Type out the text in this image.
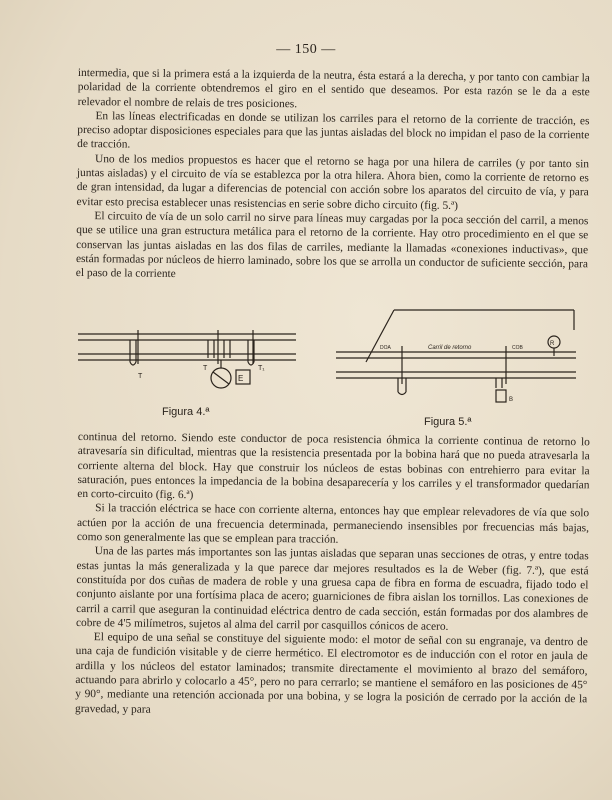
— 150 —

intermedia, que si la primera está a la izquierda de la neutra, ésta estará a la derecha, y por tanto con cambiar la polaridad de la corriente obtendremos el giro en el sentido que deseamos. Por esta razón se le da a este relevador el nombre de relais de tres posiciones.

En las líneas electrificadas en donde se utilizan los carriles para el retorno de la corriente de tracción, es preciso adoptar disposiciones especiales para que las juntas aisladas del block no impidan el paso de la corriente de tracción.

Uno de los medios propuestos es hacer que el retorno se haga por una hilera de carriles (y por tanto sin juntas aisladas) y el circuito de vía se establezca por la otra hilera. Ahora bien, como la corriente de retorno es de gran intensidad, da lugar a diferencias de potencial con acción sobre los aparatos del circuito de vía, y para evitar esto precisa establecer unas resistencias en serie sobre dicho circuito (fig. 5.ª)

El circuito de vía de un solo carril no sirve para líneas muy cargadas por la poca sección del carril, a menos que se utilice una gran estructura metálica para el retorno de la corriente. Hay otro procedimiento en el que se conservan las juntas aisladas en las dos filas de carriles, mediante la llamadas «conexiones inductivas», que están formadas por núcleos de hierro laminado, sobre los que se arrolla un conductor de suficiente sección, para el paso de la corriente

T
T	T₁
E
Figura 4.ª
R
Carril de retorno
DOA	COB
B
Figura 5.ª

continua del retorno. Siendo este conductor de poca resistencia óhmica la corriente continua de retorno lo atravesaría sin dificultad, mientras que la resistencia presentada por la bobina hará que no pueda atravesarla la corriente alterna del block. Hay que construir los núcleos de estas bobinas con entrehierro para evitar la saturación, pues entonces la impedancia de la bobina desaparecería y los carriles y el transformador quedarían en corto-circuito (fig. 6.ª)

Si la tracción eléctrica se hace con corriente alterna, entonces hay que emplear relevadores de vía que solo actúen por la acción de una frecuencia determinada, permaneciendo insensibles por frecuencias más bajas, como son generalmente las que se emplean para tracción.

Una de las partes más importantes son las juntas aisladas que separan unas secciones de otras, y entre todas estas juntas la más generalizada y la que parece dar mejores resultados es la de Weber (fig. 7.ª), que está constituída por dos cuñas de madera de roble y una gruesa capa de fibra en forma de escuadra, fijado todo el conjunto aislante por una fortísima placa de acero; guarniciones de fibra aislan los tornillos. Las conexiones de carril a carril que aseguran la continuidad eléctrica dentro de cada sección, están formadas por dos alambres de cobre de 4'5 milímetros, sujetos al alma del carril por casquillos cónicos de acero.

El equipo de una señal se constituye del siguiente modo: el motor de señal con su engranaje, va dentro de una caja de fundición visitable y de cierre hermético. El electromotor es de inducción con el rotor en jaula de ardilla y los núcleos del estator laminados; transmite directamente el movimiento al brazo del semáforo, actuando para abrirlo y colocarlo a 45°, pero no para cerrarlo; se mantiene el semáforo en las posiciones de 45° y 90°, mediante una retención accionada por una bobina, y se logra la posición de cerrado por la acción de la gravedad, y para
